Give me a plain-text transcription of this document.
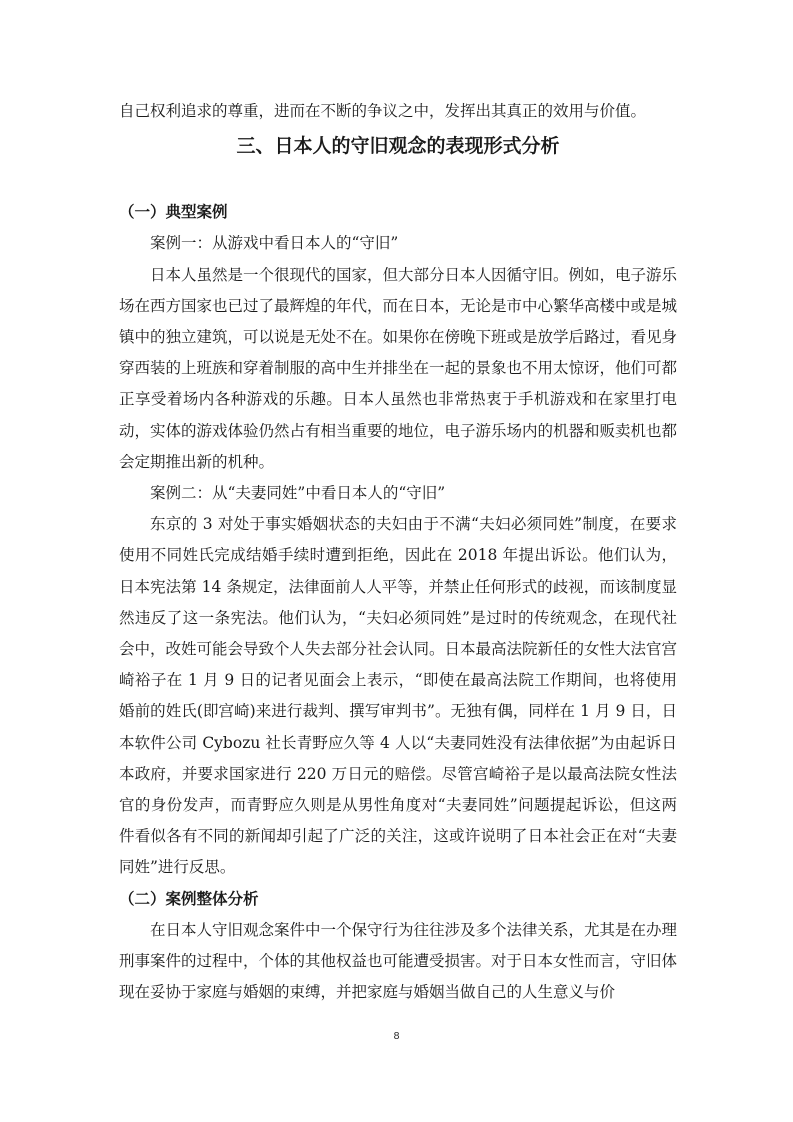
自己权利追求的尊重，进而在不断的争议之中，发挥出其真正的效用与价值。

三、日本人的守旧观念的表现形式分析
（一）典型案例

案例一：从游戏中看日本人的“守旧”

日本人虽然是一个很现代的国家，但大部分日本人因循守旧。例如，电子游乐场在西方国家也已过了最辉煌的年代，而在日本，无论是市中心繁华高楼中或是城镇中的独立建筑，可以说是无处不在。如果你在傍晚下班或是放学后路过，看见身穿西装的上班族和穿着制服的高中生并排坐在一起的景象也不用太惊讶，他们可都正享受着场内各种游戏的乐趣。日本人虽然也非常热衷于手机游戏和在家里打电动，实体的游戏体验仍然占有相当重要的地位，电子游乐场内的机器和贩卖机也都会定期推出新的机种。

案例二：从“夫妻同姓”中看日本人的“守旧”

东京的 3 对处于事实婚姻状态的夫妇由于不满“夫妇必须同姓”制度，在要求使用不同姓氏完成结婚手续时遭到拒绝，因此在 2018 年提出诉讼。他们认为，日本宪法第 14 条规定，法律面前人人平等，并禁止任何形式的歧视，而该制度显然违反了这一条宪法。他们认为，“夫妇必须同姓”是过时的传统观念，在现代社会中，改姓可能会导致个人失去部分社会认同。日本最高法院新任的女性大法官宫崎裕子在 1 月 9 日的记者见面会上表示，“即使在最高法院工作期间，也将使用婚前的姓氏(即宫崎)来进行裁判、撰写审判书”。无独有偶，同样在 1 月 9 日，日本软件公司 Cybozu 社长青野应久等 4 人以“夫妻同姓没有法律依据”为由起诉日本政府，并要求国家进行 220 万日元的赔偿。尽管宫崎裕子是以最高法院女性法官的身份发声，而青野应久则是从男性角度对“夫妻同姓”问题提起诉讼，但这两件看似各有不同的新闻却引起了广泛的关注，这或许说明了日本社会正在对“夫妻同姓”进行反思。

（二）案例整体分析

在日本人守旧观念案件中一个保守行为往往涉及多个法律关系，尤其是在办理刑事案件的过程中，个体的其他权益也可能遭受损害。对于日本女性而言，守旧体现在妥协于家庭与婚姻的束缚，并把家庭与婚姻当做自己的人生意义与价

8
